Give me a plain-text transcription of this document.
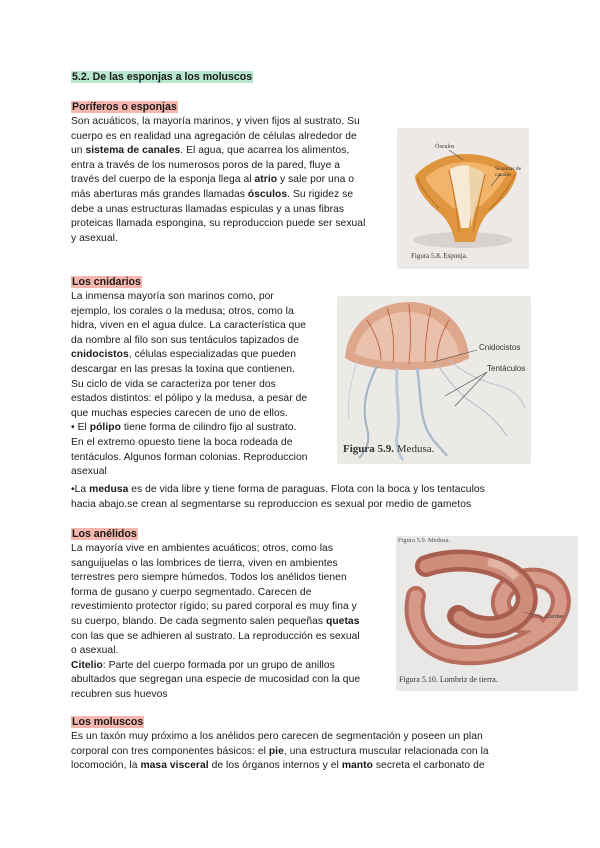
5.2. De las esponjas a los moluscos
Poríferos o esponjas
Son acuáticos, la mayoría marinos, y viven fijos al sustrato. Su
cuerpo es en realidad una agregación de células alrededor de
un sistema de canales. El agua, que acarrea los alimentos,
entra a través de los numerosos poros de la pared, fluye a
través del cuerpo de la esponja llega al atrio y sale por una o
más aberturas más grandes llamadas ósculos. Su rigidez se
debe a unas estructuras llamadas espiculas y a unas fibras
proteicas llamada espongina, su reproduccion puede ser sexual
y asexual.
Ósculos
Sistemas de canales
Figura 5.8. Esponja.
Los cnidarios
La inmensa mayoría son marinos como, por
ejemplo, los corales o la medusa; otros, como la
hidra, viven en el agua dulce. La característica que
da nombre al filo son sus tentáculos tapizados de
cnidocistos, células especializadas que pueden
descargar en las presas la toxina que contienen.
Su ciclo de vida se caracteriza por tener dos
estados distintos: el pólipo y la medusa, a pesar de
que muchas especies carecen de uno de ellos.
• El pólipo tiene forma de cilindro fijo al sustrato.
En el extremo opuesto tiene la boca rodeada de
tentáculos. Algunos forman colonias. Reproduccion
asexual
•La medusa es de vida libre y tiene forma de paraguas. Flota con la boca y los tentaculos
hacia abajo.se crean al segmentarse su reproduccion es sexual por medio de gametos
Cnidocistos
Tentáculos
Figura 5.9. Medusa.
Los anélidos
La mayoría vive en ambientes acuáticos; otros, como las
sanguijuelas o las lombrices de tierra, viven en ambientes
terrestres pero siempre húmedos. Todos los anélidos tienen
forma de gusano y cuerpo segmentado. Carecen de
revestimiento protector rígido; su pared corporal es muy fina y
su cuerpo, blando. De cada segmento salen pequeñas quetas
con las que se adhieren al sustrato. La reproducción es sexual
o asexual.
Citelio: Parte del cuerpo formada por un grupo de anillos
abultados que segregan una especie de mucosidad con la que
recubren sus huevos
Figura 5.9. Medusa.
Cerdas
Figura 5.10. Lombriz de tierra.
Los moluscos
Es un taxón muy próximo a los anélidos pero carecen de segmentación y poseen un plan
corporal con tres componentes básicos: el pie, una estructura muscular relacionada con la
locomoción, la masa visceral de los órganos internos y el manto secreta el carbonato de
